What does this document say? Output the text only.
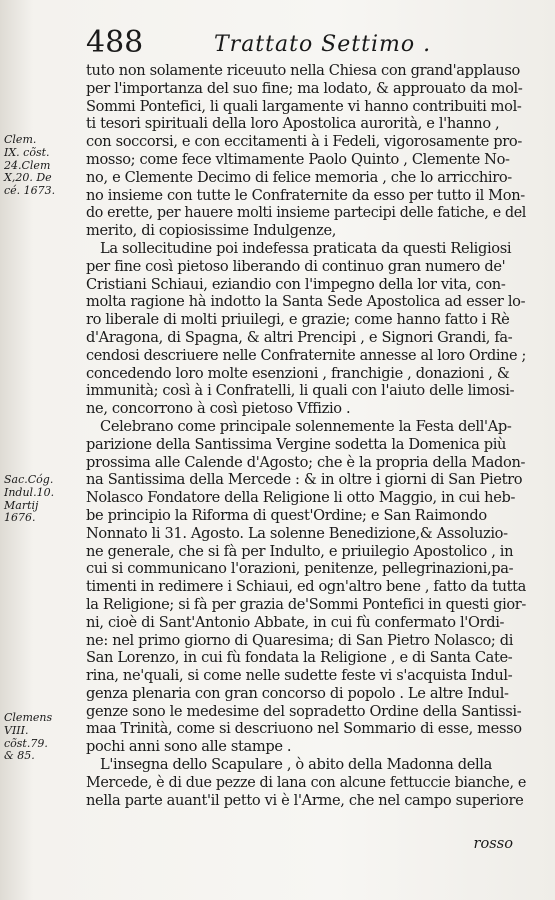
488	Trattato Settimo .
Clem.
IX. cõst.
24.Clem
X,20. De
cé. 1673.
Sac.Cóg.
Indul.10.
Martij
1676.
Clemens
VIII.
cõst.79.
& 85.
tuto non solamente riceuuto nella Chiesa con grand'applauso
per l'importanza del suo fine; ma lodato, & approuato da mol-
Sommi Pontefici, li quali largamente vi hanno contribuiti mol-
ti tesori spirituali della loro Apostolica aurorità, e l'hanno ,
con soccorsi, e con eccitamenti à i Fedeli, vigorosamente pro-
mosso; come fece vltimamente Paolo Quinto , Clemente No-
no, e Clemente Decimo di felice memoria , che lo arricchiro-
no insieme con tutte le Confraternite da esso per tutto il Mon-
do erette, per hauere molti insieme partecipi delle fatiche, e del
merito, di copiosissime Indulgenze,
La sollecitudine poi indefessa praticata da questi Religiosi
per fine così pietoso liberando di continuo gran numero de'
Cristiani Schiaui, eziandio con l'impegno della lor vita, con-
molta ragione hà indotto la Santa Sede Apostolica ad esser lo-
ro liberale di molti priuilegi, e grazie; come hanno fatto i Rè
d'Aragona, di Spagna, & altri Prencipi , e Signori Grandi, fa-
cendosi descriuere nelle Confraternite annesse al loro Ordine ;
concedendo loro molte esenzioni , franchigie , donazioni , &
immunità; così à i Confratelli, li quali con l'aiuto delle limosi-
ne, concorrono à così pietoso Vffizio .
Celebrano come principale solennemente la Festa dell'Ap-
parizione della Santissima Vergine sodetta la Domenica più
prossima alle Calende d'Agosto; che è la propria della Madon-
na Santissima della Mercede : & in oltre i giorni di San Pietro
Nolasco Fondatore della Religione li otto Maggio, in cui heb-
be principio la Riforma di quest'Ordine; e San Raimondo
Nonnato li 31. Agosto. La solenne Benedizione,& Assoluzio-
ne generale, che si fà per Indulto, e priuilegio Apostolico , in
cui si communicano l'orazioni, penitenze, pellegrinazioni,pa-
timenti in redimere i Schiaui, ed ogn'altro bene , fatto da tutta
la Religione; si fà per grazia de'Sommi Pontefici in questi gior-
ni, cioè di Sant'Antonio Abbate, in cui fù confermato l'Ordi-
ne: nel primo giorno di Quaresima; di San Pietro Nolasco; di
San Lorenzo, in cui fù fondata la Religione , e di Santa Cate-
rina, ne'quali, si come nelle sudette feste vi s'acquista Indul-
genza plenaria con gran concorso di popolo . Le altre Indul-
genze sono le medesime del sopradetto Ordine della Santissi-
maa Trinità, come si descriuono nel Sommario di esse, messo
pochi anni sono alle stampe .
L'insegna dello Scapulare , ò abito della Madonna della
Mercede, è di due pezze di lana con alcune fettuccie bianche, e
nella parte auant'il petto vi è l'Arme, che nel campo superiore
rosso
